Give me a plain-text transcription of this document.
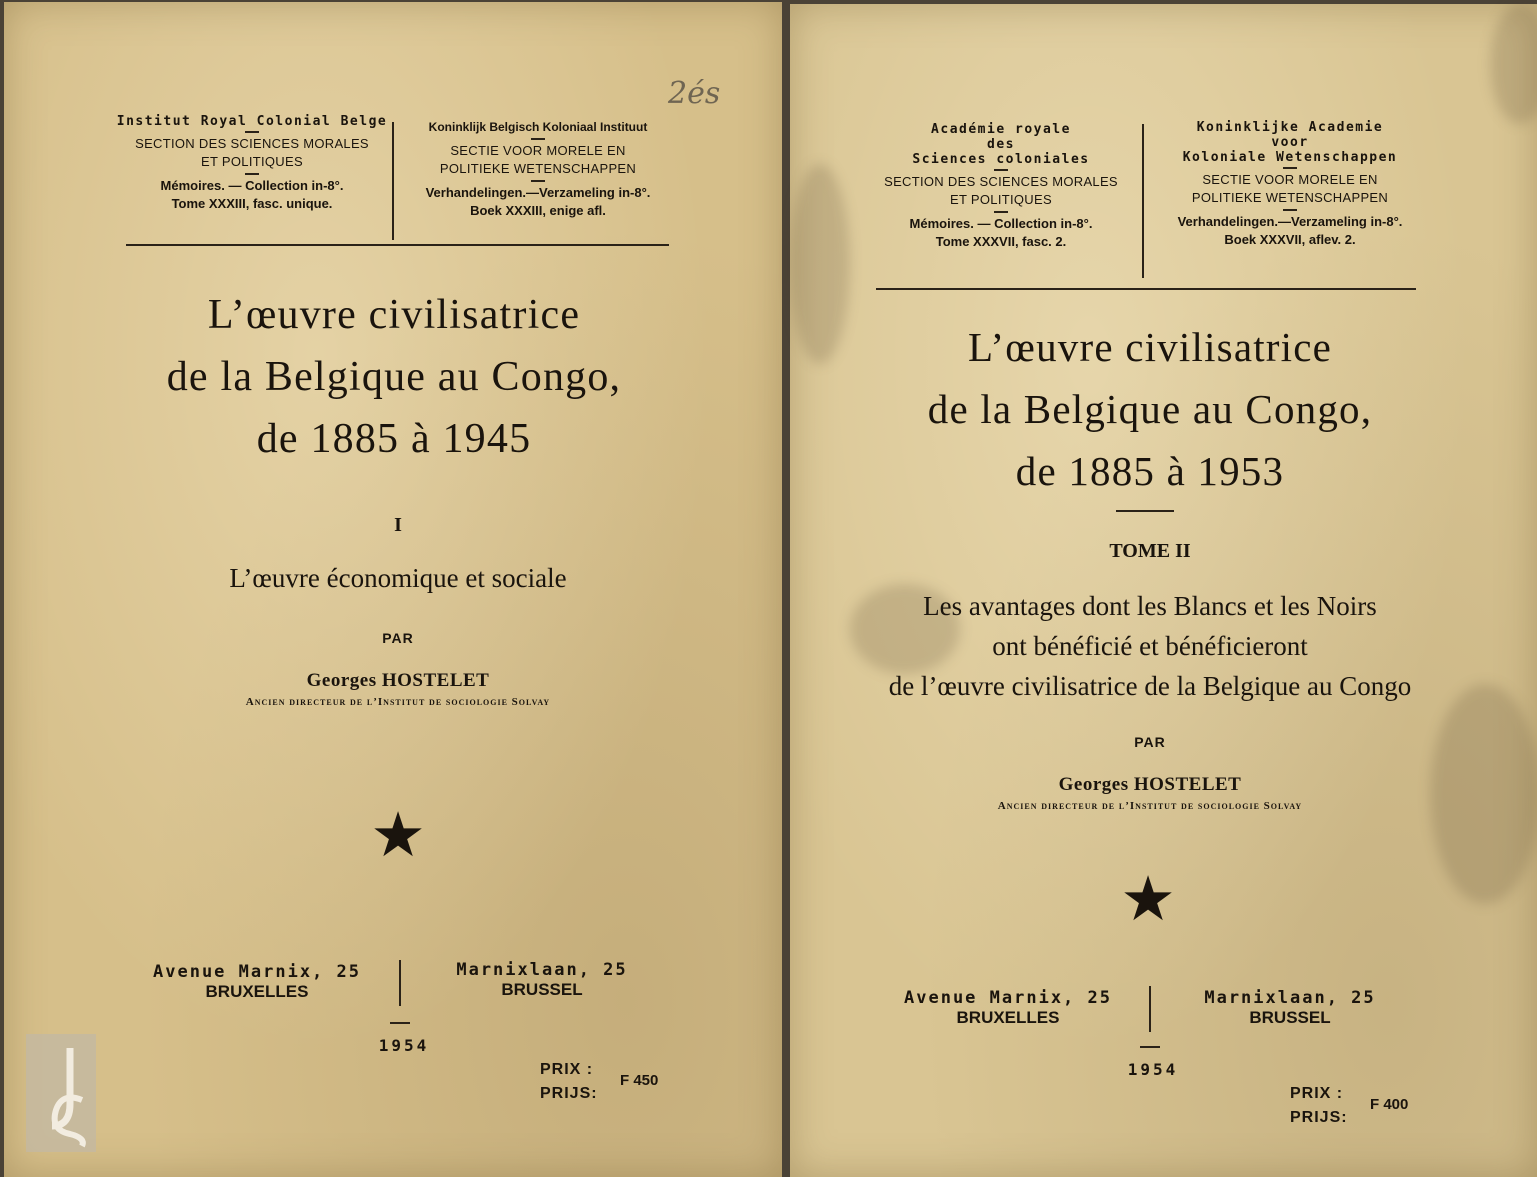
Institut Royal Colonial Belge
SECTION DES SCIENCES MORALES
ET POLITIQUES
Mémoires. — Collection in-8°.
Tome XXXIII, fasc. unique.
Koninklijk Belgisch Koloniaal Instituut
SECTIE VOOR MORELE EN
POLITIEKE WETENSCHAPPEN
Verhandelingen.—Verzameling in-8°.
Boek XXXIII, enige afl.
2és
L’œuvre civilisatrice
de la Belgique au Congo,
de 1885 à 1945
I
L’œuvre économique et sociale
PAR
Georges HOSTELET
Ancien directeur de l’Institut de sociologie Solvay
★
Avenue Marnix, 25
BRUXELLES
Marnixlaan, 25
BRUSSEL
1954
PRIX :
PRIJS:
F 450
Académie royale
des
Sciences coloniales
SECTION DES SCIENCES MORALES
ET POLITIQUES
Mémoires. — Collection in-8°.
Tome XXXVII, fasc. 2.
Koninklijke Academie
voor
Koloniale Wetenschappen
SECTIE VOOR MORELE EN
POLITIEKE WETENSCHAPPEN
Verhandelingen.—Verzameling in-8°.
Boek XXXVII, aflev. 2.
L’œuvre civilisatrice
de la Belgique au Congo,
de 1885 à 1953
TOME II
Les avantages dont les Blancs et les Noirs
ont bénéficié et bénéficieront
de l’œuvre civilisatrice de la Belgique au Congo
PAR
Georges HOSTELET
Ancien directeur de l’Institut de sociologie Solvay
★
Avenue Marnix, 25
BRUXELLES
Marnixlaan, 25
BRUSSEL
1954
PRIX :
PRIJS:
F 400
